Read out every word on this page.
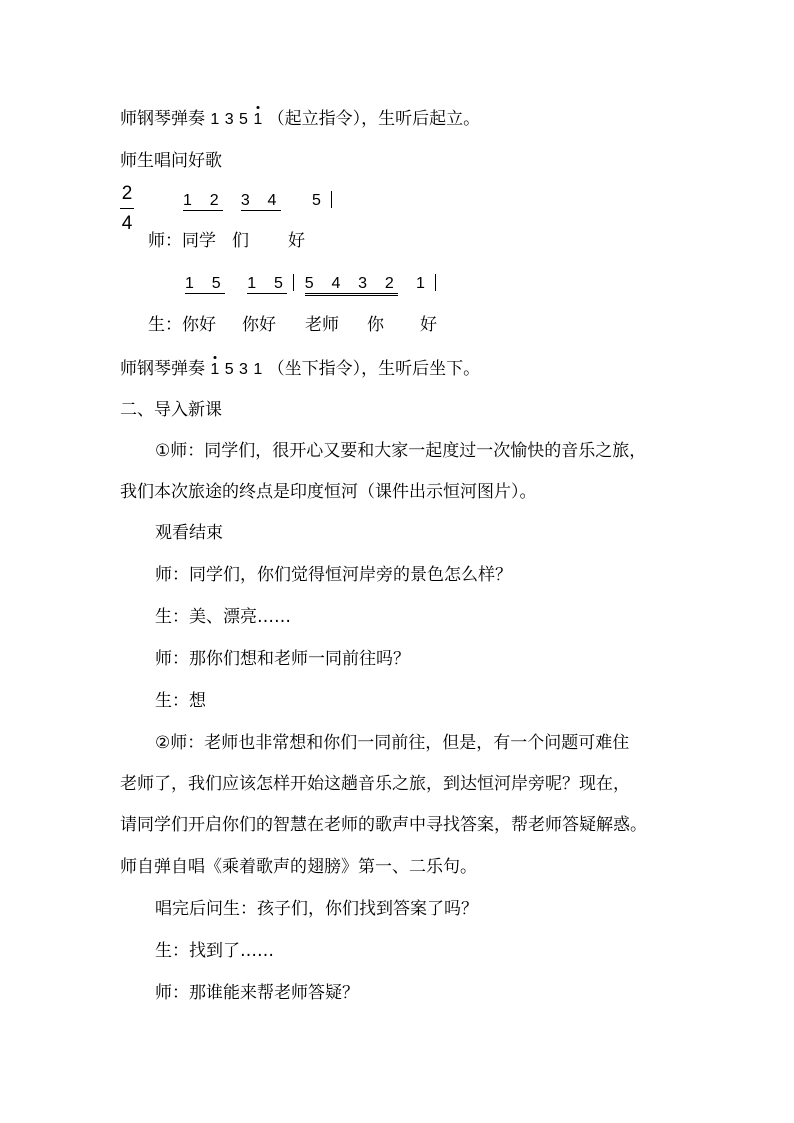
师钢琴弹奏 1 3 5 1 （起立指令），生听后起立。
师生唱问好歌
2
4
1 2 3 4 5
师：同学 们 好
1 5 1 5 5 4 3 2 1
生：你好 你好 老师 你 好
师钢琴弹奏 1 5 3 1 （坐下指令），生听后坐下。
二、导入新课
①师：同学们，很开心又要和大家一起度过一次愉快的音乐之旅，
我们本次旅途的终点是印度恒河（课件出示恒河图片）。
观看结束
师：同学们，你们觉得恒河岸旁的景色怎么样？
生：美、漂亮……
师：那你们想和老师一同前往吗？
生：想
②师：老师也非常想和你们一同前往，但是，有一个问题可难住
老师了，我们应该怎样开始这趟音乐之旅，到达恒河岸旁呢？现在，
请同学们开启你们的智慧在老师的歌声中寻找答案，帮老师答疑解惑。
师自弹自唱《乘着歌声的翅膀》第一、二乐句。
唱完后问生：孩子们，你们找到答案了吗？
生：找到了……
师：那谁能来帮老师答疑？
